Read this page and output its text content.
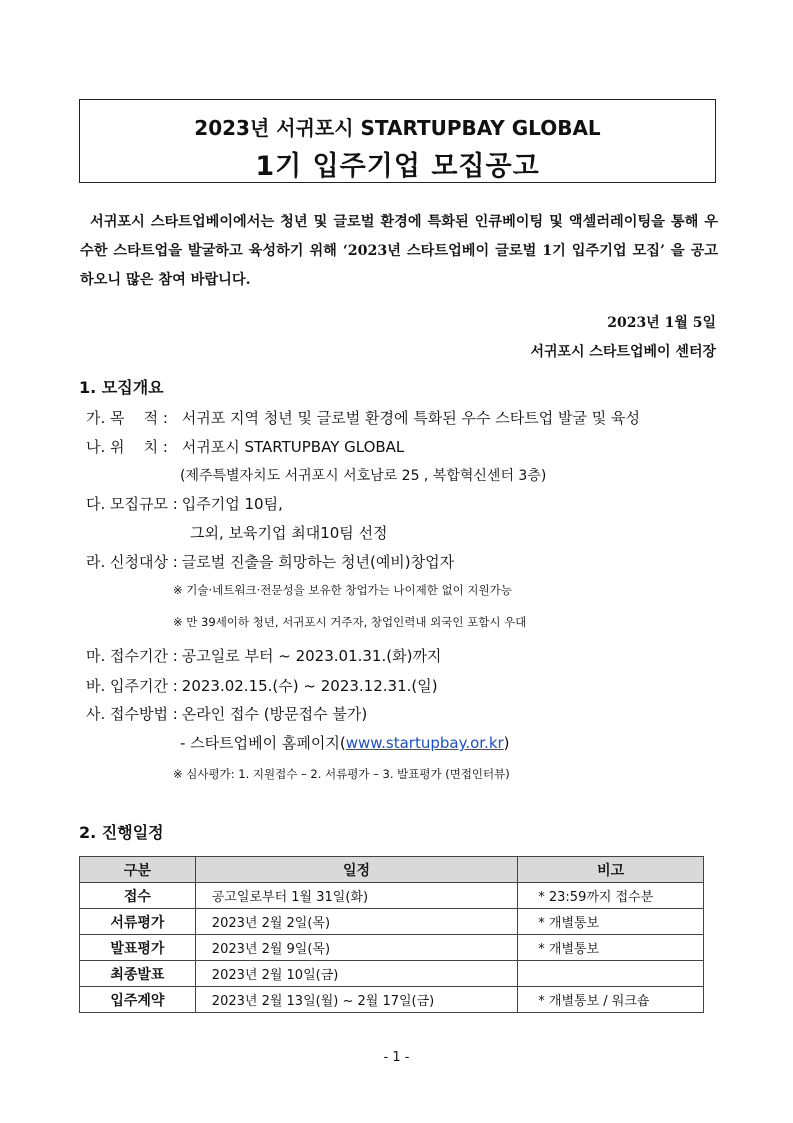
2023년 서귀포시 STARTUPBAY GLOBAL
1기 입주기업 모집공고
서귀포시 스타트업베이에서는 청년 및 글로벌 환경에 특화된 인큐베이팅 및 액셀러레이팅을 통해 우수한 스타트업을 발굴하고 육성하기 위해 ‘2023년 스타트업베이 글로벌 1기 입주기업 모집’ 을 공고하오니 많은 참여 바랍니다.
2023년 1월 5일
서귀포시 스타트업베이 센터장
1. 모집개요
가. 목    적 : 서귀포 지역 청년 및 글로벌 환경에 특화된 우수 스타트업 발굴 및 육성
나. 위    치 : 서귀포시 STARTUPBAY GLOBAL
(제주특별자치도 서귀포시 서호남로 25 , 복합혁신센터 3층)
다. 모집규모 : 입주기업 10팀,
그외, 보육기업 최대10팀 선정
라. 신청대상 : 글로벌 진출을 희망하는 청년(예비)창업자
※ 기술·네트워크·전문성을 보유한 창업가는 나이제한 없이 지원가능
※ 만 39세이하 청년, 서귀포시 거주자, 창업인력내 외국인 포함시 우대
마. 접수기간 : 공고일로 부터 ~ 2023.01.31.(화)까지
바. 입주기간 : 2023.02.15.(수) ~ 2023.12.31.(일)
사. 접수방법 : 온라인 접수 (방문접수 불가)
- 스타트업베이 홈페이지(www.startupbay.or.kr)
※ 심사평가: 1. 지원접수 – 2. 서류평가 – 3. 발표평가 (면접인터뷰)
2. 진행일정
구분	일정	비고
접수	공고일로부터 1월 31일(화)	* 23:59까지 접수분
서류평가	2023년 2월 2일(목)	* 개별통보
발표평가	2023년 2월 9일(목)	* 개별통보
최종발표	2023년 2월 10일(금)	
입주계약	2023년 2월 13일(월) ~ 2월 17일(금)	* 개별통보 / 워크숍
- 1 -
